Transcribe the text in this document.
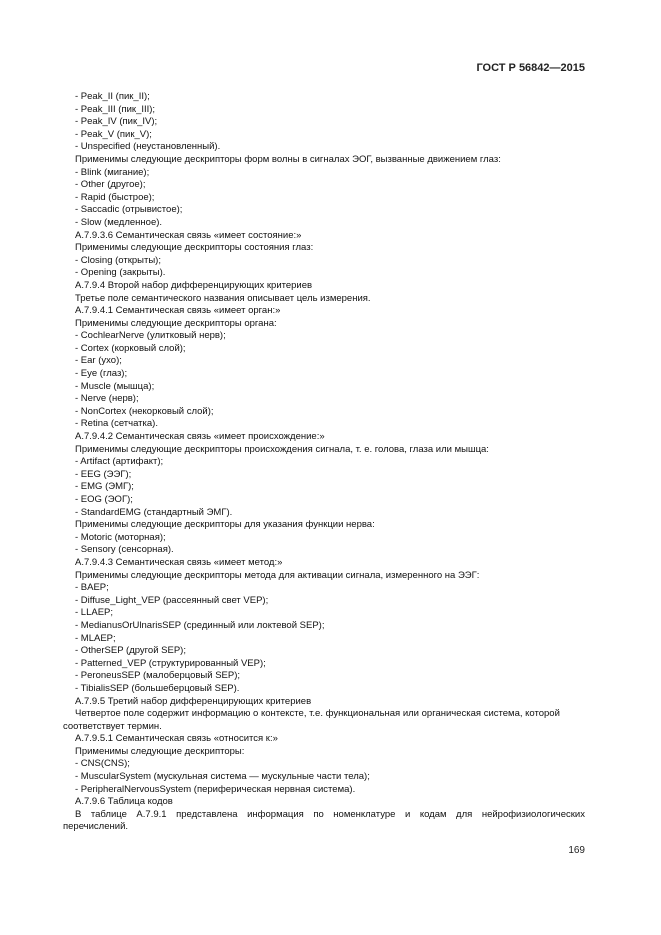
ГОСТ Р 56842—2015
- Peak_II (пик_II);
- Peak_III (пик_III);
- Peak_IV (пик_IV);
- Peak_V (пик_V);
- Unspecified (неустановленный).
Применимы следующие дескрипторы форм волны в сигналах ЭОГ, вызванные движением глаз:
- Blink (мигание);
- Other (другое);
- Rapid (быстрое);
- Saccadic (отрывистое);
- Slow (медленное).
A.7.9.3.6 Семантическая связь «имеет состояние:»
Применимы следующие дескрипторы состояния глаз:
- Closing (открыты);
- Opening (закрыты).
A.7.9.4 Второй набор дифференцирующих критериев
Третье поле семантического названия описывает цель измерения.
A.7.9.4.1 Семантическая связь «имеет орган:»
Применимы следующие дескрипторы органа:
- CochlearNerve (улитковый нерв);
- Cortex (корковый слой);
- Ear (ухо);
- Eye (глаз);
- Muscle (мышца);
- Nerve (нерв);
- NonCortex (некорковый слой);
- Retina (сетчатка).
A.7.9.4.2 Семантическая связь «имеет происхождение:»
Применимы следующие дескрипторы происхождения сигнала, т. е. голова, глаза или мышца:
- Artifact (артифакт);
- EEG (ЭЭГ);
- EMG (ЭМГ);
- EOG (ЭОГ);
- StandardEMG (стандартный ЭМГ).
Применимы следующие дескрипторы для указания функции нерва:
- Motoric (моторная);
- Sensory (сенсорная).
A.7.9.4.3 Семантическая связь «имеет метод:»
Применимы следующие дескрипторы метода для активации сигнала, измеренного на ЭЭГ:
- BAEP;
- Diffuse_Light_VEP (рассеянный свет VEP);
- LLAEP;
- MedianusOrUlnarisSEP (срединный или локтевой SEP);
- MLAEP;
- OtherSEP (другой SEP);
- Patterned_VEP (структурированный VEP);
- PeroneusSEP (малоберцовый SEP);
- TibialisSEP (большеберцовый SEP).
A.7.9.5 Третий набор дифференцирующих критериев
Четвертое поле содержит информацию о контексте, т.е. функциональная или органическая система, которой
соответствует термин.
A.7.9.5.1 Семантическая связь «относится к:»
Применимы следующие дескрипторы:
- CNS(CNS);
- MuscularSystem (мускульная система — мускульные части тела);
- PeripheralNervousSystem (периферическая нервная система).
A.7.9.6 Таблица кодов
В таблице A.7.9.1 представлена информация по номенклатуре и кодам для нейрофизиологических
перечислений.
169
